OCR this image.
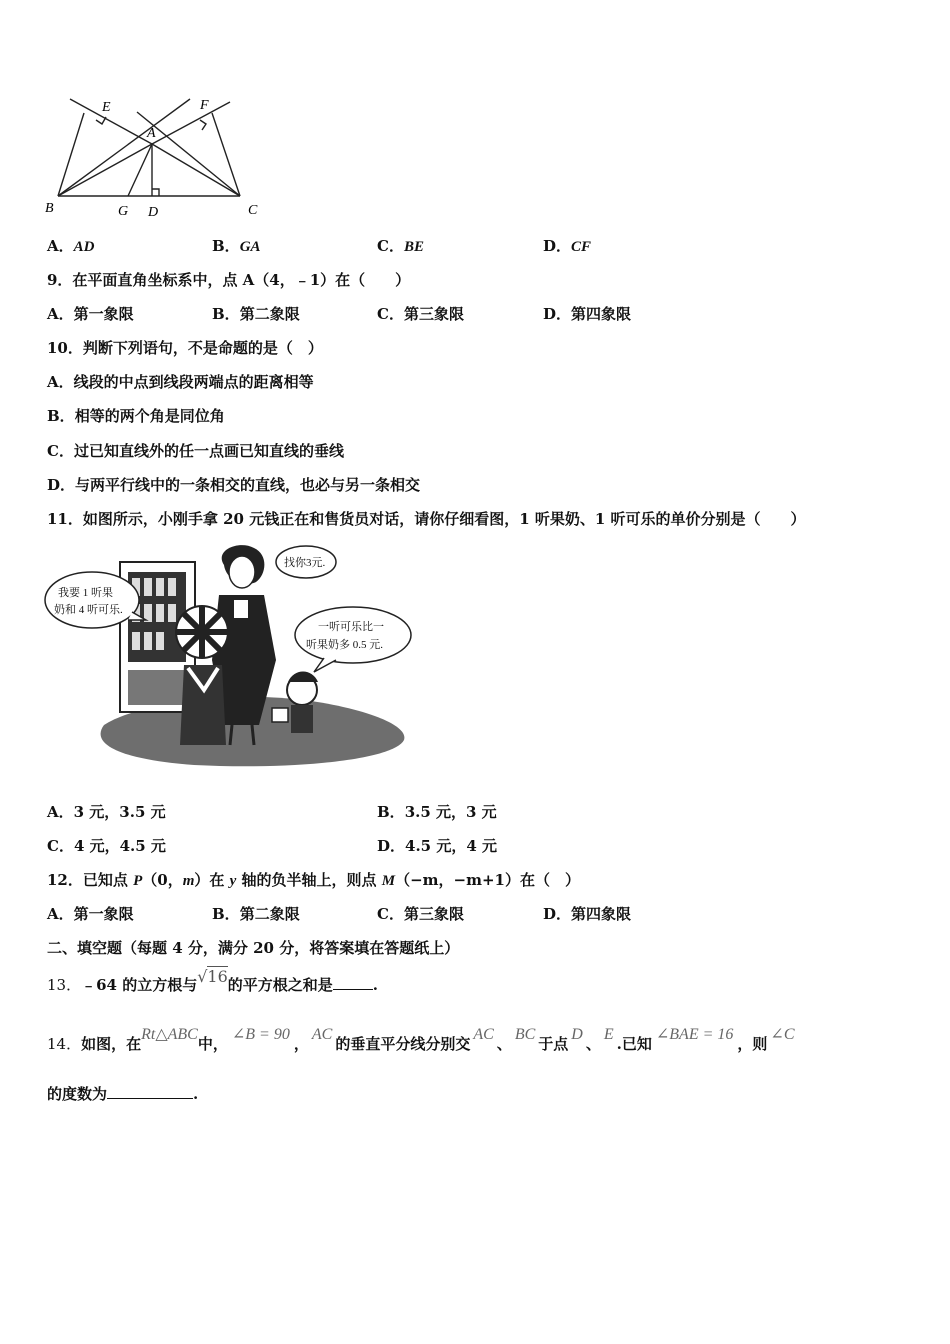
E	F
A
B	G D	C
A．AD	B．GA	C．BE	D．CF
9．在平面直角坐标系中，点 A（4，﹣1）在（　　）
A．第一象限	B．第二象限	C．第三象限	D．第四象限
10．判断下列语句，不是命题的是（　）
A．线段的中点到线段两端点的距离相等
B．相等的两个角是同位角
C．过已知直线外的任一点画已知直线的垂线
D．与两平行线中的一条相交的直线，也必与另一条相交
11．如图所示，小刚手拿 20 元钱正在和售货员对话，请你仔细看图，1 听果奶、1 听可乐的单价分别是（　　）
我要 1 听果
奶和 4 听可乐.
找你3元.
一听可乐比一
听果奶多 0.5 元.
A．3 元，3.5 元	B．3.5 元，3 元
C．4 元，4.5 元	D．4.5 元，4 元
12．已知点 P（0，m）在 y 轴的负半轴上，则点 M（−m，−m+1）在（　）
A．第一象限	B．第二象限	C．第三象限	D．第四象限
二、填空题（每题 4 分，满分 20 分，将答案填在答题纸上）
13．﹣64 的立方根与√16的平方根之和是	.
14．如图，在Rt△ABC中，∠B = 90，AC的垂直平分线分别交AC、BC于点D、E.已知∠BAE = 16，则∠C
的度数为	.
